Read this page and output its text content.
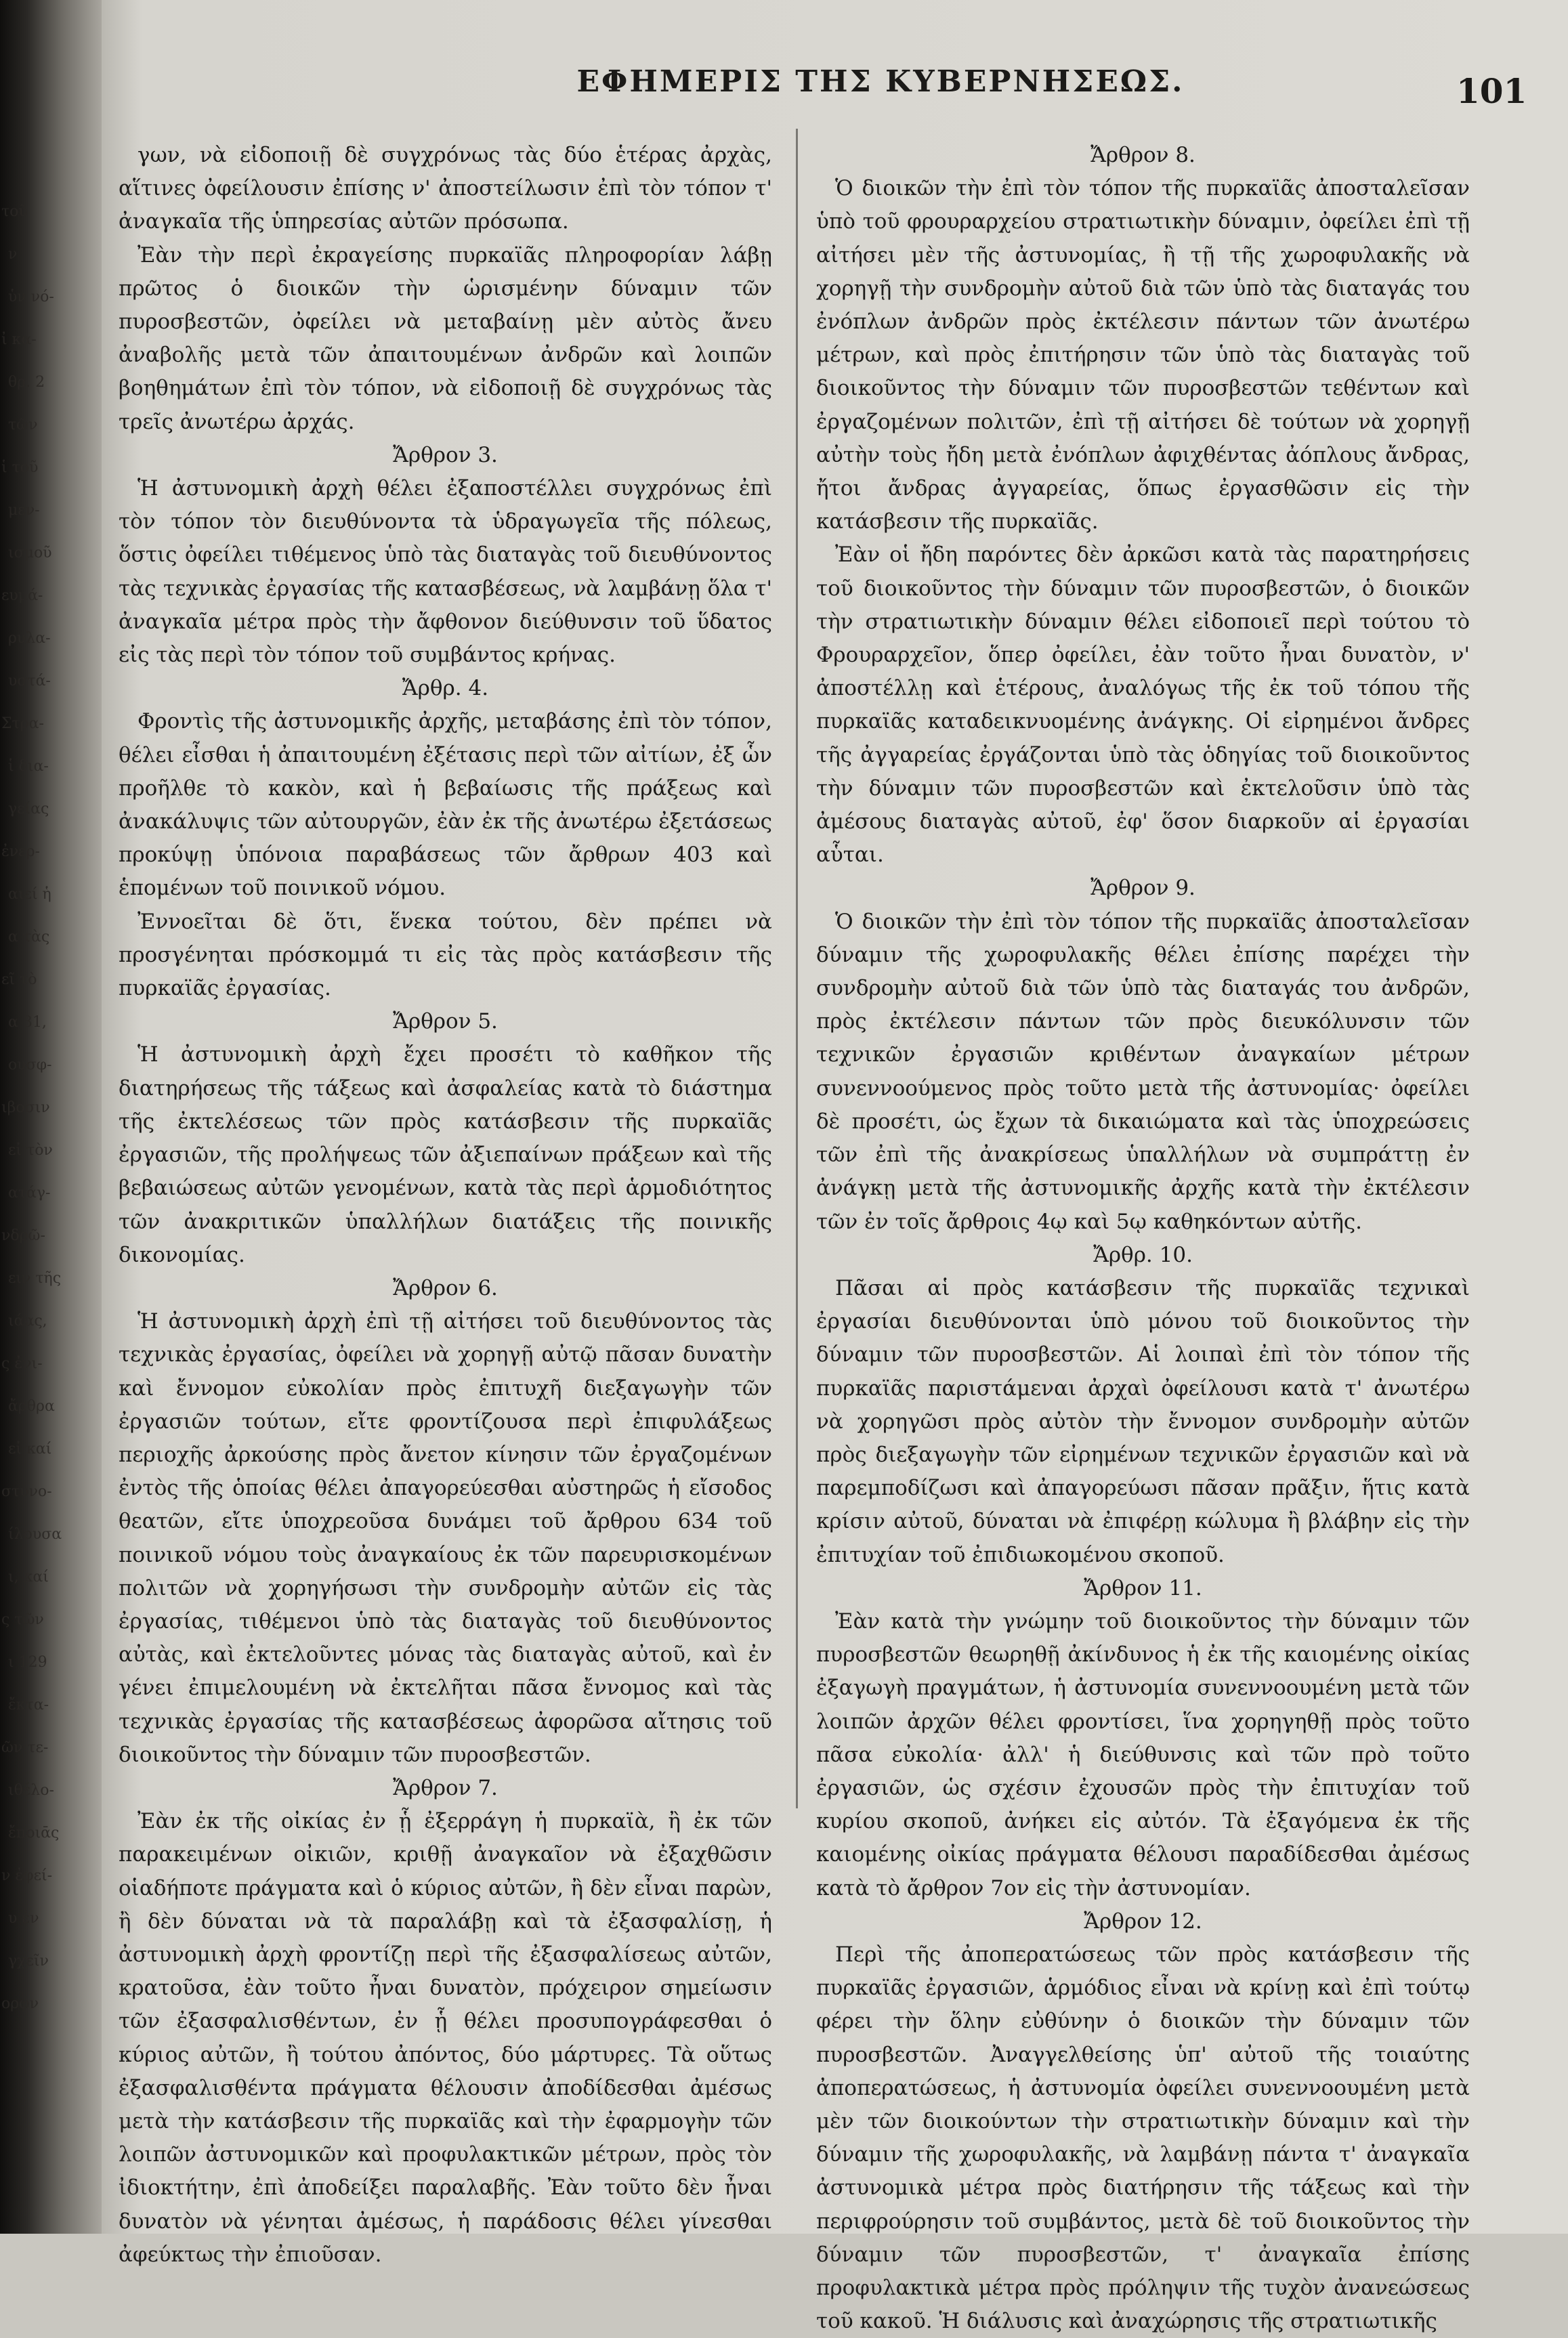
τοῦ
ν
ὑν νό-
ἰ κα-
θρ. 2
τῶν
ἱ τοῦ
μεν-
ισμοῦ
ευμά-
ρυλα-
υστά-
Στρα-
ἱ δια-
γείας
ἐνερ-
αιεί ἡ
α τὰς
εῖ τὸ
α 31,
ουσφ-
ιβοσιν
εἰ τὸν
ατάγ-
νδρῶ-
ειν τῆς
ιάας,
ς ἐνι-
ἄρθρα
εἰ καί
στυνο-
ίλουσα
ι, καί
ς τῶν
ι 129
ἔκτα-
ῶν τε-
ιθέλο-
ἔποιᾱς
ν ἐφεί-
υ ἐν
γχεῖν
ορφν
ΕΦΗΜΕΡΙΣ ΤΗΣ ΚΥΒΕΡΝΗΣΕΩΣ.	101

γων, νὰ εἰδοποιῇ δὲ συγχρόνως τὰς δύο ἑτέρας ἀρχὰς, αἵτινες ὀφείλουσιν ἐπίσης ν' ἀποστείλωσιν ἐπὶ τὸν τόπον τ' ἀναγκαῖα τῆς ὑπηρεσίας αὐτῶν πρόσωπα.

Ἐὰν τὴν περὶ ἐκραγείσης πυρκαϊᾶς πληροφορίαν λάβῃ πρῶτος ὁ διοικῶν τὴν ὡρισμένην δύναμιν τῶν πυροσβεστῶν, ὀφείλει νὰ μεταβαίνῃ μὲν αὐτὸς ἄνευ ἀναβολῆς μετὰ τῶν ἀπαιτουμένων ἀνδρῶν καὶ λοιπῶν βοηθημάτων ἐπὶ τὸν τόπον, νὰ εἰδοποιῇ δὲ συγχρόνως τὰς τρεῖς ἀνωτέρω ἀρχάς.

Ἄρθρον 3.

Ἡ ἀστυνομικὴ ἀρχὴ θέλει ἐξαποστέλλει συγχρόνως ἐπὶ τὸν τόπον τὸν διευθύνοντα τὰ ὑδραγωγεῖα τῆς πόλεως, ὅστις ὀφείλει τιθέμενος ὑπὸ τὰς διαταγὰς τοῦ διευθύνοντος τὰς τεχνικὰς ἐργασίας τῆς κατασβέσεως, νὰ λαμβάνῃ ὅλα τ' ἀναγκαῖα μέτρα πρὸς τὴν ἄφθονον διεύθυνσιν τοῦ ὕδατος εἰς τὰς περὶ τὸν τόπον τοῦ συμβάντος κρήνας.

Ἄρθρ. 4.

Φροντὶς τῆς ἀστυνομικῆς ἀρχῆς, μεταβάσης ἐπὶ τὸν τόπον, θέλει εἶσθαι ἡ ἀπαιτουμένη ἐξέτασις περὶ τῶν αἰτίων, ἐξ ὧν προῆλθε τὸ κακὸν, καὶ ἡ βεβαίωσις τῆς πράξεως καὶ ἀνακάλυψις τῶν αὐτουργῶν, ἐὰν ἐκ τῆς ἀνωτέρω ἐξετάσεως προκύψῃ ὑπόνοια παραβάσεως τῶν ἄρθρων 403 καὶ ἑπομένων τοῦ ποινικοῦ νόμου.

Ἐννοεῖται δὲ ὅτι, ἕνεκα τούτου, δὲν πρέπει νὰ προσγένηται πρόσκομμά τι εἰς τὰς πρὸς κατάσβεσιν τῆς πυρκαϊᾶς ἐργασίας.

Ἄρθρον 5.

Ἡ ἀστυνομικὴ ἀρχὴ ἔχει προσέτι τὸ καθῆκον τῆς διατηρήσεως τῆς τάξεως καὶ ἀσφαλείας κατὰ τὸ διάστημα τῆς ἐκτελέσεως τῶν πρὸς κατάσβεσιν τῆς πυρκαϊᾶς ἐργασιῶν, τῆς προλήψεως τῶν ἀξιεπαίνων πράξεων καὶ τῆς βεβαιώσεως αὐτῶν γενομένων, κατὰ τὰς περὶ ἁρμοδιότητος τῶν ἀνακριτικῶν ὑπαλλήλων διατάξεις τῆς ποινικῆς δικονομίας.

Ἄρθρον 6.

Ἡ ἀστυνομικὴ ἀρχὴ ἐπὶ τῇ αἰτήσει τοῦ διευθύνοντος τὰς τεχνικὰς ἐργασίας, ὀφείλει νὰ χορηγῇ αὐτῷ πᾶσαν δυνατὴν καὶ ἔννομον εὐκολίαν πρὸς ἐπιτυχῆ διεξαγωγὴν τῶν ἐργασιῶν τούτων, εἴτε φροντίζουσα περὶ ἐπιφυλάξεως περιοχῆς ἀρκούσης πρὸς ἄνετον κίνησιν τῶν ἐργαζομένων ἐντὸς τῆς ὁποίας θέλει ἀπαγορεύεσθαι αὐστηρῶς ἡ εἴσοδος θεατῶν, εἴτε ὑποχρεοῦσα δυνάμει τοῦ ἄρθρου 634 τοῦ ποινικοῦ νόμου τοὺς ἀναγκαίους ἐκ τῶν παρευρισκομένων πολιτῶν νὰ χορηγήσωσι τὴν συνδρομὴν αὐτῶν εἰς τὰς ἐργασίας, τιθέμενοι ὑπὸ τὰς διαταγὰς τοῦ διευθύνοντος αὐτὰς, καὶ ἐκτελοῦντες μόνας τὰς διαταγὰς αὐτοῦ, καὶ ἐν γένει ἐπιμελουμένη νὰ ἐκτελῆται πᾶσα ἔννομος καὶ τὰς τεχνικὰς ἐργασίας τῆς κατασβέσεως ἀφορῶσα αἴτησις τοῦ διοικοῦντος τὴν δύναμιν τῶν πυροσβεστῶν.

Ἄρθρον 7.

Ἐὰν ἐκ τῆς οἰκίας ἐν ᾗ ἐξερράγη ἡ πυρκαϊὰ, ἢ ἐκ τῶν παρακειμένων οἰκιῶν, κριθῇ ἀναγκαῖον νὰ ἐξαχθῶσιν οἱαδήποτε πράγματα καὶ ὁ κύριος αὐτῶν, ἢ δὲν εἶναι παρὼν, ἢ δὲν δύναται νὰ τὰ παραλάβῃ καὶ τὰ ἐξασφαλίσῃ, ἡ ἀστυνομικὴ ἀρχὴ φροντίζῃ περὶ τῆς ἐξασφαλίσεως αὐτῶν, κρατοῦσα, ἐὰν τοῦτο ἦναι δυνατὸν, πρόχειρον σημείωσιν τῶν ἐξασφαλισθέντων, ἐν ᾗ θέλει προσυπογράφεσθαι ὁ κύριος αὐτῶν, ἢ τούτου ἀπόντος, δύο μάρτυρες. Τὰ οὕτως ἐξασφαλισθέντα πράγματα θέλουσιν ἀποδίδεσθαι ἀμέσως μετὰ τὴν κατάσβεσιν τῆς πυρκαϊᾶς καὶ τὴν ἐφαρμογὴν τῶν λοιπῶν ἀστυνομικῶν καὶ προφυλακτικῶν μέτρων, πρὸς τὸν ἰδιοκτήτην, ἐπὶ ἀποδείξει παραλαβῆς. Ἐὰν τοῦτο δὲν ἦναι δυνατὸν νὰ γένηται ἀμέσως, ἡ παράδοσις θέλει γίνεσθαι ἀφεύκτως τὴν ἐπιοῦσαν.

Ἄρθρον 8.

Ὁ διοικῶν τὴν ἐπὶ τὸν τόπον τῆς πυρκαϊᾶς ἀποσταλεῖσαν ὑπὸ τοῦ φρουραρχείου στρατιωτικὴν δύναμιν, ὀφείλει ἐπὶ τῇ αἰτήσει μὲν τῆς ἀστυνομίας, ἢ τῇ τῆς χωροφυλακῆς νὰ χορηγῇ τὴν συνδρομὴν αὐτοῦ διὰ τῶν ὑπὸ τὰς διαταγάς του ἐνόπλων ἀνδρῶν πρὸς ἐκτέλεσιν πάντων τῶν ἀνωτέρω μέτρων, καὶ πρὸς ἐπιτήρησιν τῶν ὑπὸ τὰς διαταγὰς τοῦ διοικοῦντος τὴν δύναμιν τῶν πυροσβεστῶν τεθέντων καὶ ἐργαζομένων πολιτῶν, ἐπὶ τῇ αἰτήσει δὲ τούτων νὰ χορηγῇ αὐτὴν τοὺς ἤδη μετὰ ἐνόπλων ἀφιχθέντας ἀόπλους ἄνδρας, ἤτοι ἄνδρας ἀγγαρείας, ὅπως ἐργασθῶσιν εἰς τὴν κατάσβεσιν τῆς πυρκαϊᾶς.

Ἐὰν οἱ ἤδη παρόντες δὲν ἀρκῶσι κατὰ τὰς παρατηρήσεις τοῦ διοικοῦντος τὴν δύναμιν τῶν πυροσβεστῶν, ὁ διοικῶν τὴν στρατιωτικὴν δύναμιν θέλει εἰδοποιεῖ περὶ τούτου τὸ Φρουραρχεῖον, ὅπερ ὀφείλει, ἐὰν τοῦτο ἦναι δυνατὸν, ν' ἀποστέλλῃ καὶ ἑτέρους, ἀναλόγως τῆς ἐκ τοῦ τόπου τῆς πυρκαϊᾶς καταδεικνυομένης ἀνάγκης. Οἱ εἰρημένοι ἄνδρες τῆς ἀγγαρείας ἐργάζονται ὑπὸ τὰς ὁδηγίας τοῦ διοικοῦντος τὴν δύναμιν τῶν πυροσβεστῶν καὶ ἐκτελοῦσιν ὑπὸ τὰς ἀμέσους διαταγὰς αὐτοῦ, ἐφ' ὅσον διαρκοῦν αἱ ἐργασίαι αὗται.

Ἄρθρον 9.

Ὁ διοικῶν τὴν ἐπὶ τὸν τόπον τῆς πυρκαϊᾶς ἀποσταλεῖσαν δύναμιν τῆς χωροφυλακῆς θέλει ἐπίσης παρέχει τὴν συνδρομὴν αὐτοῦ διὰ τῶν ὑπὸ τὰς διαταγάς του ἀνδρῶν, πρὸς ἐκτέλεσιν πάντων τῶν πρὸς διευκόλυνσιν τῶν τεχνικῶν ἐργασιῶν κριθέντων ἀναγκαίων μέτρων συνεννοούμενος πρὸς τοῦτο μετὰ τῆς ἀστυνομίας· ὀφείλει δὲ προσέτι, ὡς ἔχων τὰ δικαιώματα καὶ τὰς ὑποχρεώσεις τῶν ἐπὶ τῆς ἀνακρίσεως ὑπαλλήλων νὰ συμπράττῃ ἐν ἀνάγκῃ μετὰ τῆς ἀστυνομικῆς ἀρχῆς κατὰ τὴν ἐκτέλεσιν τῶν ἐν τοῖς ἄρθροις 4ῳ καὶ 5ῳ καθηκόντων αὐτῆς.

Ἄρθρ. 10.

Πᾶσαι αἱ πρὸς κατάσβεσιν τῆς πυρκαϊᾶς τεχνικαὶ ἐργασίαι διευθύνονται ὑπὸ μόνου τοῦ διοικοῦντος τὴν δύναμιν τῶν πυροσβεστῶν. Αἱ λοιπαὶ ἐπὶ τὸν τόπον τῆς πυρκαϊᾶς παριστάμεναι ἀρχαὶ ὀφείλουσι κατὰ τ' ἀνωτέρω νὰ χορηγῶσι πρὸς αὐτὸν τὴν ἔννομον συνδρομὴν αὐτῶν πρὸς διεξαγωγὴν τῶν εἰρημένων τεχνικῶν ἐργασιῶν καὶ νὰ παρεμποδίζωσι καὶ ἀπαγορεύωσι πᾶσαν πρᾶξιν, ἥτις κατὰ κρίσιν αὐτοῦ, δύναται νὰ ἐπιφέρῃ κώλυμα ἢ βλάβην εἰς τὴν ἐπιτυχίαν τοῦ ἐπιδιωκομένου σκοποῦ.

Ἄρθρον 11.

Ἐὰν κατὰ τὴν γνώμην τοῦ διοικοῦντος τὴν δύναμιν τῶν πυροσβεστῶν θεωρηθῇ ἀκίνδυνος ἡ ἐκ τῆς καιομένης οἰκίας ἐξαγωγὴ πραγμάτων, ἡ ἀστυνομία συνεννοουμένη μετὰ τῶν λοιπῶν ἀρχῶν θέλει φροντίσει, ἵνα χορηγηθῇ πρὸς τοῦτο πᾶσα εὐκολία· ἀλλ' ἡ διεύθυνσις καὶ τῶν πρὸ τοῦτο ἐργασιῶν, ὡς σχέσιν ἐχουσῶν πρὸς τὴν ἐπιτυχίαν τοῦ κυρίου σκοποῦ, ἀνήκει εἰς αὐτόν. Τὰ ἐξαγόμενα ἐκ τῆς καιομένης οἰκίας πράγματα θέλουσι παραδίδεσθαι ἀμέσως κατὰ τὸ ἄρθρον 7ον εἰς τὴν ἀστυνομίαν.

Ἄρθρον 12.

Περὶ τῆς ἀποπερατώσεως τῶν πρὸς κατάσβεσιν τῆς πυρκαϊᾶς ἐργασιῶν, ἁρμόδιος εἶναι νὰ κρίνῃ καὶ ἐπὶ τούτῳ φέρει τὴν ὅλην εὐθύνην ὁ διοικῶν τὴν δύναμιν τῶν πυροσβεστῶν. Ἀναγγελθείσης ὑπ' αὐτοῦ τῆς τοιαύτης ἀποπερατώσεως, ἡ ἀστυνομία ὀφείλει συνεννοουμένη μετὰ μὲν τῶν διοικούντων τὴν στρατιωτικὴν δύναμιν καὶ τὴν δύναμιν τῆς χωροφυλακῆς, νὰ λαμβάνῃ πάντα τ' ἀναγκαῖα ἀστυνομικὰ μέτρα πρὸς διατήρησιν τῆς τάξεως καὶ τὴν περιφρούρησιν τοῦ συμβάντος, μετὰ δὲ τοῦ διοικοῦντος τὴν δύναμιν τῶν πυροσβεστῶν, τ' ἀναγκαῖα ἐπίσης προφυλακτικὰ μέτρα πρὸς πρόληψιν τῆς τυχὸν ἀνανεώσεως τοῦ κακοῦ. Ἡ διάλυσις καὶ ἀναχώρησις τῆς στρατιωτικῆς
